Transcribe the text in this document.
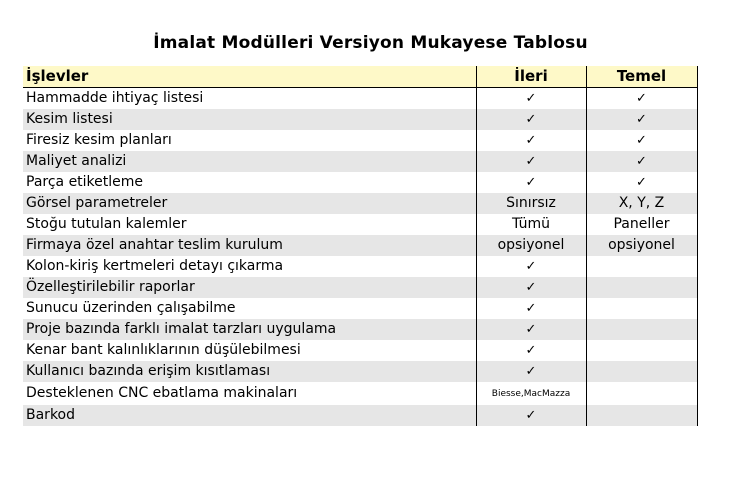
İmalat Modülleri Versiyon Mukayese Tablosu
İşlevler	İleri	Temel
Hammadde ihtiyaç listesi	✓	✓
Kesim listesi	✓	✓
Firesiz kesim planları	✓	✓
Maliyet analizi	✓	✓
Parça etiketleme	✓	✓
Görsel parametreler	Sınırsız	X, Y, Z
Stoğu tutulan kalemler	Tümü	Paneller
Firmaya özel anahtar teslim kurulum	opsiyonel	opsiyonel
Kolon-kiriş kertmeleri detayı çıkarma	✓	
Özelleştirilebilir raporlar	✓	
Sunucu üzerinden çalışabilme	✓	
Proje bazında farklı imalat tarzları uygulama	✓	
Kenar bant kalınlıklarının düşülebilmesi	✓	
Kullanıcı bazında erişim kısıtlaması	✓	
Desteklenen CNC ebatlama makinaları	Biesse,MacMazza	
Barkod	✓	
